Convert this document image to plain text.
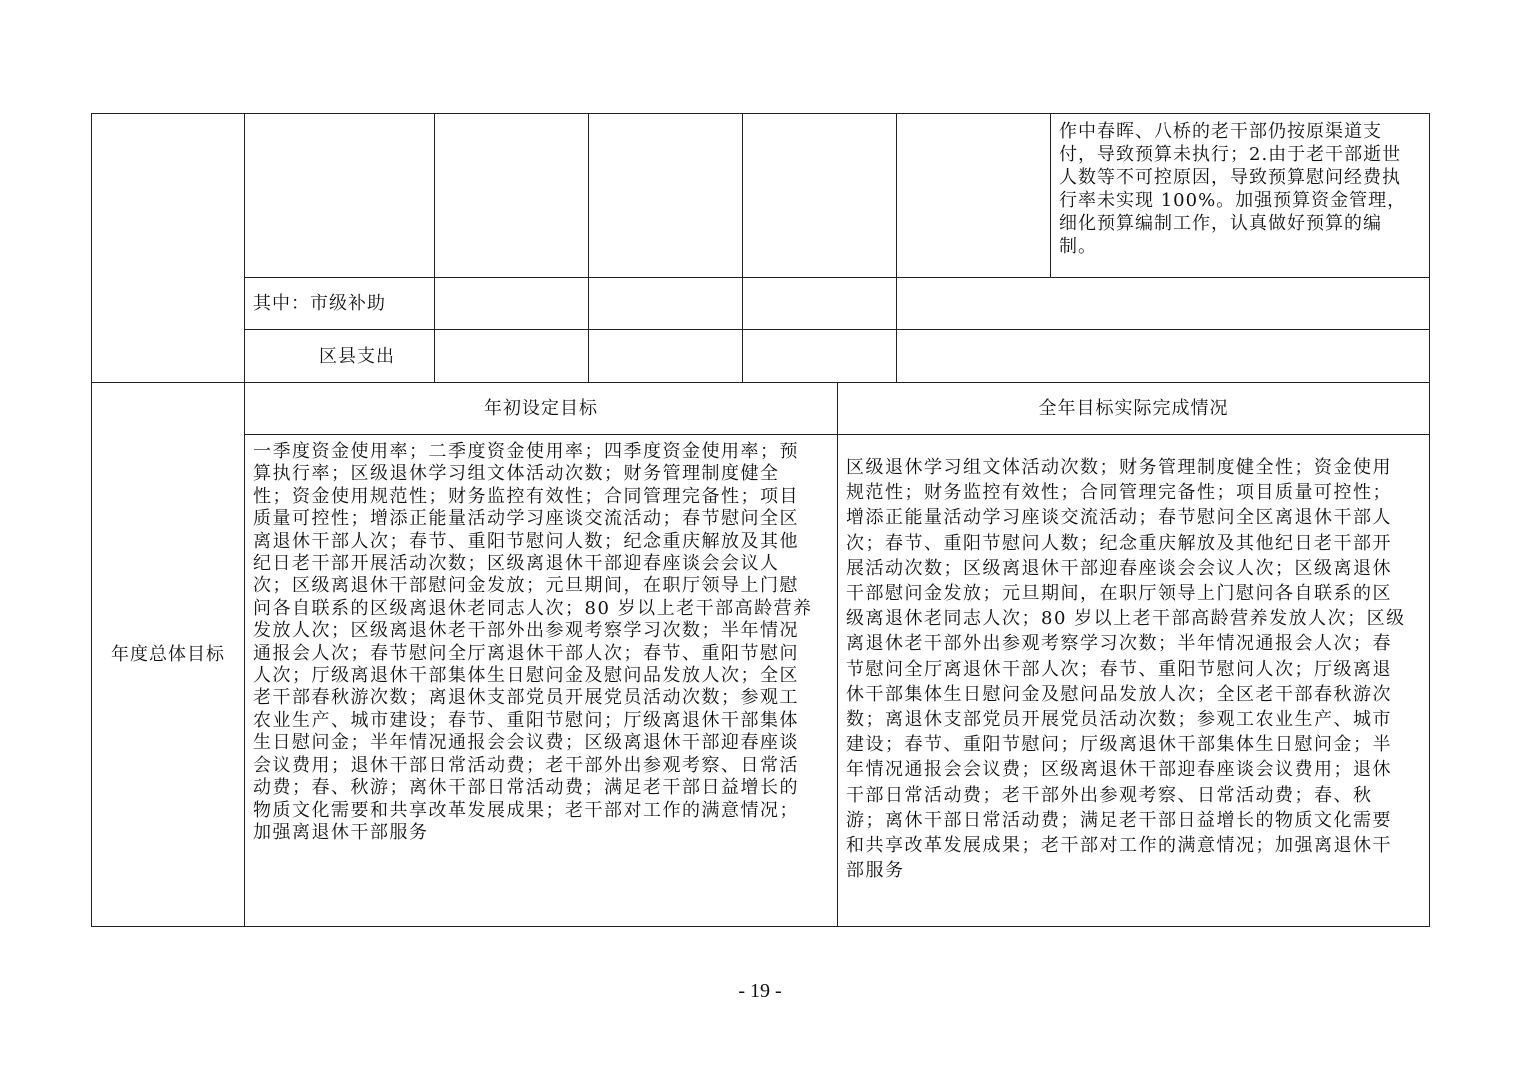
作中春晖、八桥的老干部仍按原渠道支付，导致预算未执行；2.由于老干部逝世人数等不可控原因，导致预算慰问经费执行率未实现 100%。加强预算资金管理，细化预算编制工作，认真做好预算的编制。
其中：市级补助
区县支出
年度总体目标
年初设定目标	全年目标实际完成情况
一季度资金使用率；二季度资金使用率；四季度资金使用率；预算执行率；区级退休学习组文体活动次数；财务管理制度健全性；资金使用规范性；财务监控有效性；合同管理完备性；项目质量可控性；增添正能量活动学习座谈交流活动；春节慰问全区离退休干部人次；春节、重阳节慰问人数；纪念重庆解放及其他纪日老干部开展活动次数；区级离退休干部迎春座谈会会议人次；区级离退休干部慰问金发放；元旦期间，在职厅领导上门慰问各自联系的区级离退休老同志人次；80 岁以上老干部高龄营养发放人次；区级离退休老干部外出参观考察学习次数；半年情况通报会人次；春节慰问全厅离退休干部人次；春节、重阳节慰问人次；厅级离退休干部集体生日慰问金及慰问品发放人次；全区老干部春秋游次数；离退休支部党员开展党员活动次数；参观工农业生产、城市建设；春节、重阳节慰问；厅级离退休干部集体生日慰问金；半年情况通报会会议费；区级离退休干部迎春座谈会议费用；退休干部日常活动费；老干部外出参观考察、日常活动费；春、秋游；离休干部日常活动费；满足老干部日益增长的物质文化需要和共享改革发展成果；老干部对工作的满意情况；加强离退休干部服务
区级退休学习组文体活动次数；财务管理制度健全性；资金使用规范性；财务监控有效性；合同管理完备性；项目质量可控性；增添正能量活动学习座谈交流活动；春节慰问全区离退休干部人次；春节、重阳节慰问人数；纪念重庆解放及其他纪日老干部开展活动次数；区级离退休干部迎春座谈会会议人次；区级离退休干部慰问金发放；元旦期间，在职厅领导上门慰问各自联系的区级离退休老同志人次；80 岁以上老干部高龄营养发放人次；区级离退休老干部外出参观考察学习次数；半年情况通报会人次；春节慰问全厅离退休干部人次；春节、重阳节慰问人次；厅级离退休干部集体生日慰问金及慰问品发放人次；全区老干部春秋游次数；离退休支部党员开展党员活动次数；参观工农业生产、城市建设；春节、重阳节慰问；厅级离退休干部集体生日慰问金；半年情况通报会会议费；区级离退休干部迎春座谈会议费用；退休干部日常活动费；老干部外出参观考察、日常活动费；春、秋游；离休干部日常活动费；满足老干部日益增长的物质文化需要和共享改革发展成果；老干部对工作的满意情况；加强离退休干部服务
- 19 -
